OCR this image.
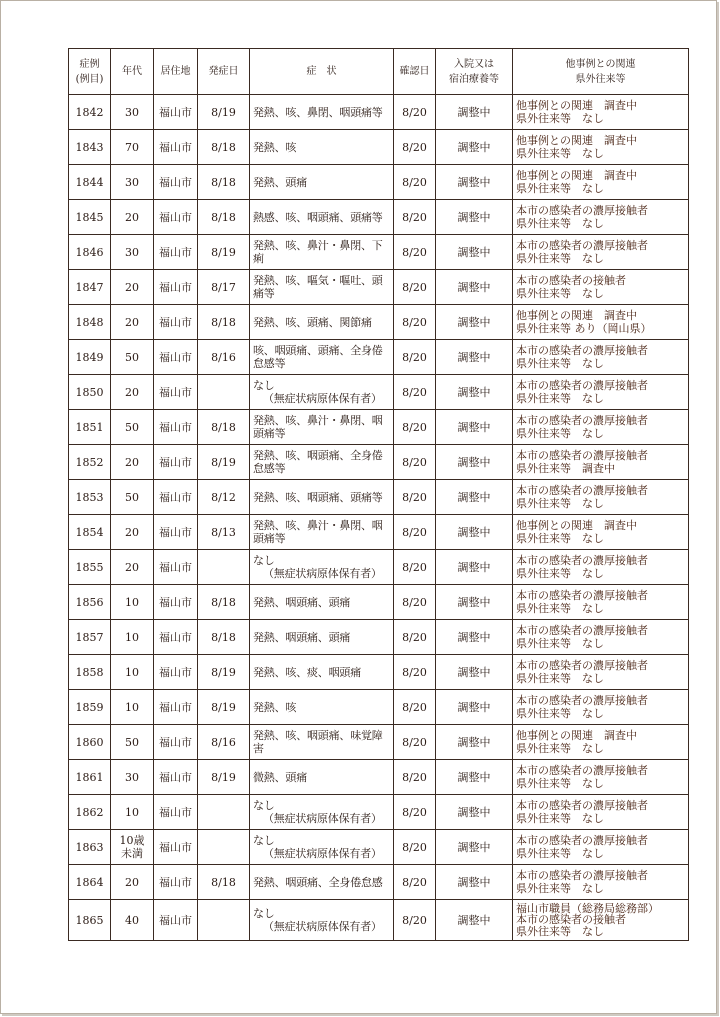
症例
(例目)	年代	居住地	発症日	症　状	確認日	入院又は
宿泊療養等	他事例との関連
県外往来等

1842	30	福山市	8/19	発熱、咳、鼻閉、咽頭痛等	8/20	調整中	他事例との関連　調査中
県外往来等　なし

1843	70	福山市	8/18	発熱、咳	8/20	調整中	他事例との関連　調査中
県外往来等　なし

1844	30	福山市	8/18	発熱、頭痛	8/20	調整中	他事例との関連　調査中
県外往来等　なし

1845	20	福山市	8/18	熱感、咳、咽頭痛、頭痛等	8/20	調整中	本市の感染者の濃厚接触者
県外往来等　なし

1846	30	福山市	8/19	発熱、咳、鼻汁・鼻閉、下
痢	8/20	調整中	本市の感染者の濃厚接触者
県外往来等　なし

1847	20	福山市	8/17	発熱、咳、嘔気・嘔吐、頭
痛等	8/20	調整中	本市の感染者の接触者
県外往来等　なし

1848	20	福山市	8/18	発熱、咳、頭痛、関節痛	8/20	調整中	他事例との関連　調査中
県外往来等 あり（岡山県）

1849	50	福山市	8/16	咳、咽頭痛、頭痛、全身倦
怠感等	8/20	調整中	本市の感染者の濃厚接触者
県外往来等　なし

1850	20	福山市		なし
（無症状病原体保有者）	8/20	調整中	本市の感染者の濃厚接触者
県外往来等　なし

1851	50	福山市	8/18	発熱、咳、鼻汁・鼻閉、咽
頭痛等	8/20	調整中	本市の感染者の濃厚接触者
県外往来等　なし

1852	20	福山市	8/19	発熱、咳、咽頭痛、全身倦
怠感等	8/20	調整中	本市の感染者の濃厚接触者
県外往来等　調査中

1853	50	福山市	8/12	発熱、咳、咽頭痛、頭痛等	8/20	調整中	本市の感染者の濃厚接触者
県外往来等　なし

1854	20	福山市	8/13	発熱、咳、鼻汁・鼻閉、咽
頭痛等	8/20	調整中	他事例との関連　調査中
県外往来等　なし

1855	20	福山市		なし
（無症状病原体保有者）	8/20	調整中	本市の感染者の濃厚接触者
県外往来等　なし

1856	10	福山市	8/18	発熱、咽頭痛、頭痛	8/20	調整中	本市の感染者の濃厚接触者
県外往来等　なし

1857	10	福山市	8/18	発熱、咽頭痛、頭痛	8/20	調整中	本市の感染者の濃厚接触者
県外往来等　なし

1858	10	福山市	8/19	発熱、咳、痰、咽頭痛	8/20	調整中	本市の感染者の濃厚接触者
県外往来等　なし

1859	10	福山市	8/19	発熱、咳	8/20	調整中	本市の感染者の濃厚接触者
県外往来等　なし

1860	50	福山市	8/16	発熱、咳、咽頭痛、味覚障
害	8/20	調整中	他事例との関連　調査中
県外往来等　なし

1861	30	福山市	8/19	微熱、頭痛	8/20	調整中	本市の感染者の濃厚接触者
県外往来等　なし

1862	10	福山市		なし
（無症状病原体保有者）	8/20	調整中	本市の感染者の濃厚接触者
県外往来等　なし

1863	10歳
未満	福山市		なし
（無症状病原体保有者）	8/20	調整中	本市の感染者の濃厚接触者
県外往来等　なし

1864	20	福山市	8/18	発熱、咽頭痛、全身倦怠感	8/20	調整中	本市の感染者の濃厚接触者
県外往来等　なし

1865	40	福山市		なし
（無症状病原体保有者）	8/20	調整中	福山市職員（総務局総務部）
本市の感染者の接触者
県外往来等　なし
